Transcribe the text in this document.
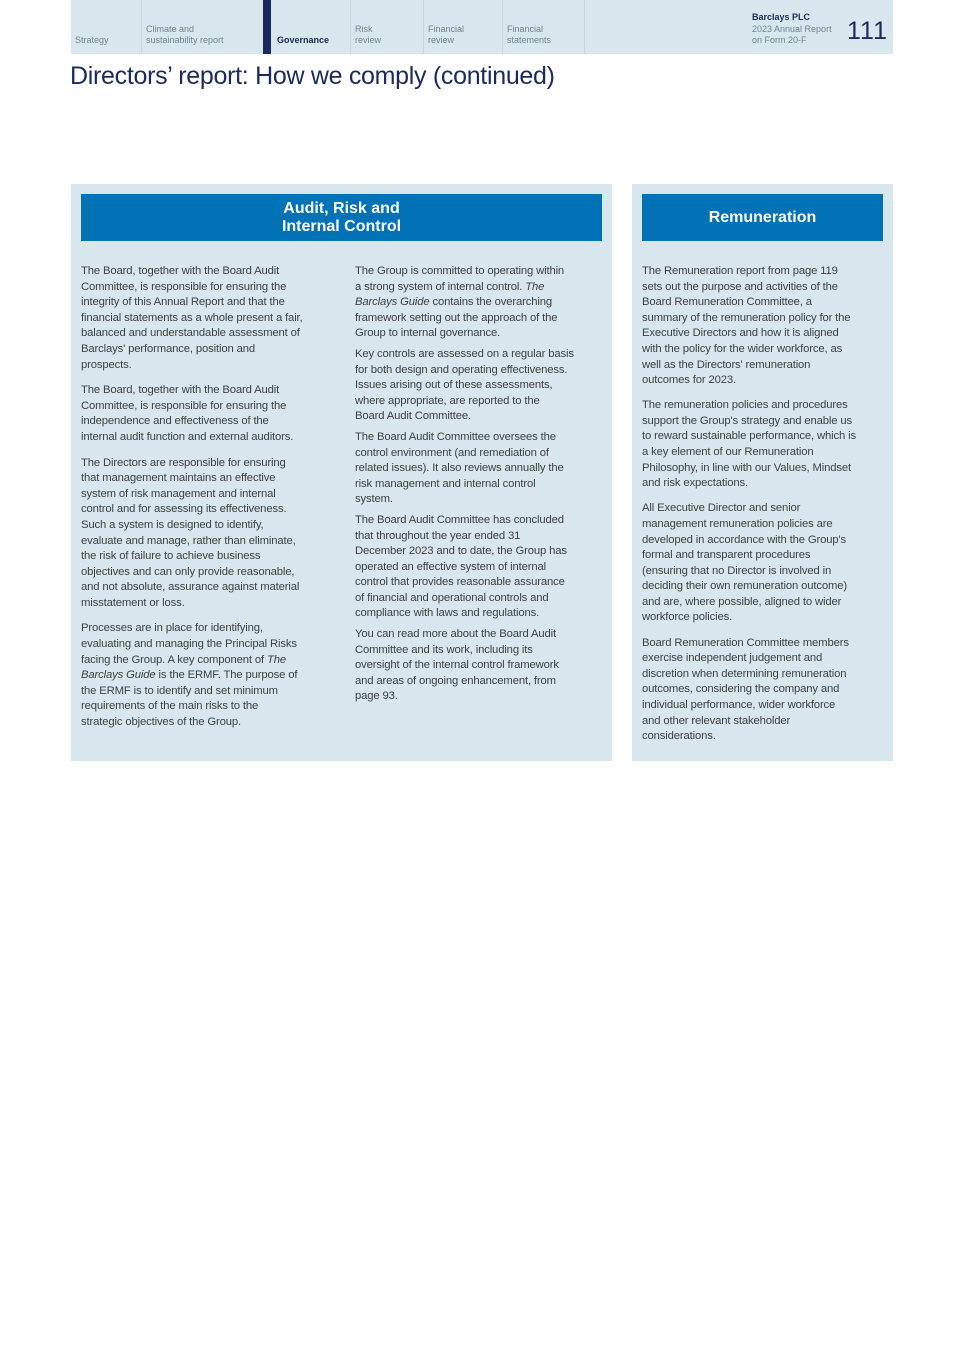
Strategy
Climate and
sustainability report	Governance
Risk
review
Financial
review
Financial
statements
Barclays PLC
2023 Annual Report
on Form 20-F	111
Directors’ report: How we comply (continued)
Audit, Risk and
Internal Control

The Board, together with the Board Audit
Committee, is responsible for ensuring the
integrity of this Annual Report and that the
financial statements as a whole present a fair,
balanced and understandable assessment of
Barclays' performance, position and
prospects.

The Board, together with the Board Audit
Committee, is responsible for ensuring the
independence and effectiveness of the
internal audit function and external auditors.

The Directors are responsible for ensuring
that management maintains an effective
system of risk management and internal
control and for assessing its effectiveness.
Such a system is designed to identify,
evaluate and manage, rather than eliminate,
the risk of failure to achieve business
objectives and can only provide reasonable,
and not absolute, assurance against material
misstatement or loss.

Processes are in place for identifying,
evaluating and managing the Principal Risks
facing the Group. A key component of The
Barclays Guide is the ERMF. The purpose of
the ERMF is to identify and set minimum
requirements of the main risks to the
strategic objectives of the Group.

The Group is committed to operating within
a strong system of internal control. The
Barclays Guide contains the overarching
framework setting out the approach of the
Group to internal governance.

Key controls are assessed on a regular basis
for both design and operating effectiveness.
Issues arising out of these assessments,
where appropriate, are reported to the
Board Audit Committee.

The Board Audit Committee oversees the
control environment (and remediation of
related issues). It also reviews annually the
risk management and internal control
system.

The Board Audit Committee has concluded
that throughout the year ended 31
December 2023 and to date, the Group has
operated an effective system of internal
control that provides reasonable assurance
of financial and operational controls and
compliance with laws and regulations.

You can read more about the Board Audit
Committee and its work, including its
oversight of the internal control framework
and areas of ongoing enhancement, from
page 93.

Remuneration

The Remuneration report from page 119
sets out the purpose and activities of the
Board Remuneration Committee, a
summary of the remuneration policy for the
Executive Directors and how it is aligned
with the policy for the wider workforce, as
well as the Directors' remuneration
outcomes for 2023.

The remuneration policies and procedures
support the Group's strategy and enable us
to reward sustainable performance, which is
a key element of our Remuneration
Philosophy, in line with our Values, Mindset
and risk expectations.

All Executive Director and senior
management remuneration policies are
developed in accordance with the Group's
formal and transparent procedures
(ensuring that no Director is involved in
deciding their own remuneration outcome)
and are, where possible, aligned to wider
workforce policies.

Board Remuneration Committee members
exercise independent judgement and
discretion when determining remuneration
outcomes, considering the company and
individual performance, wider workforce
and other relevant stakeholder
considerations.
